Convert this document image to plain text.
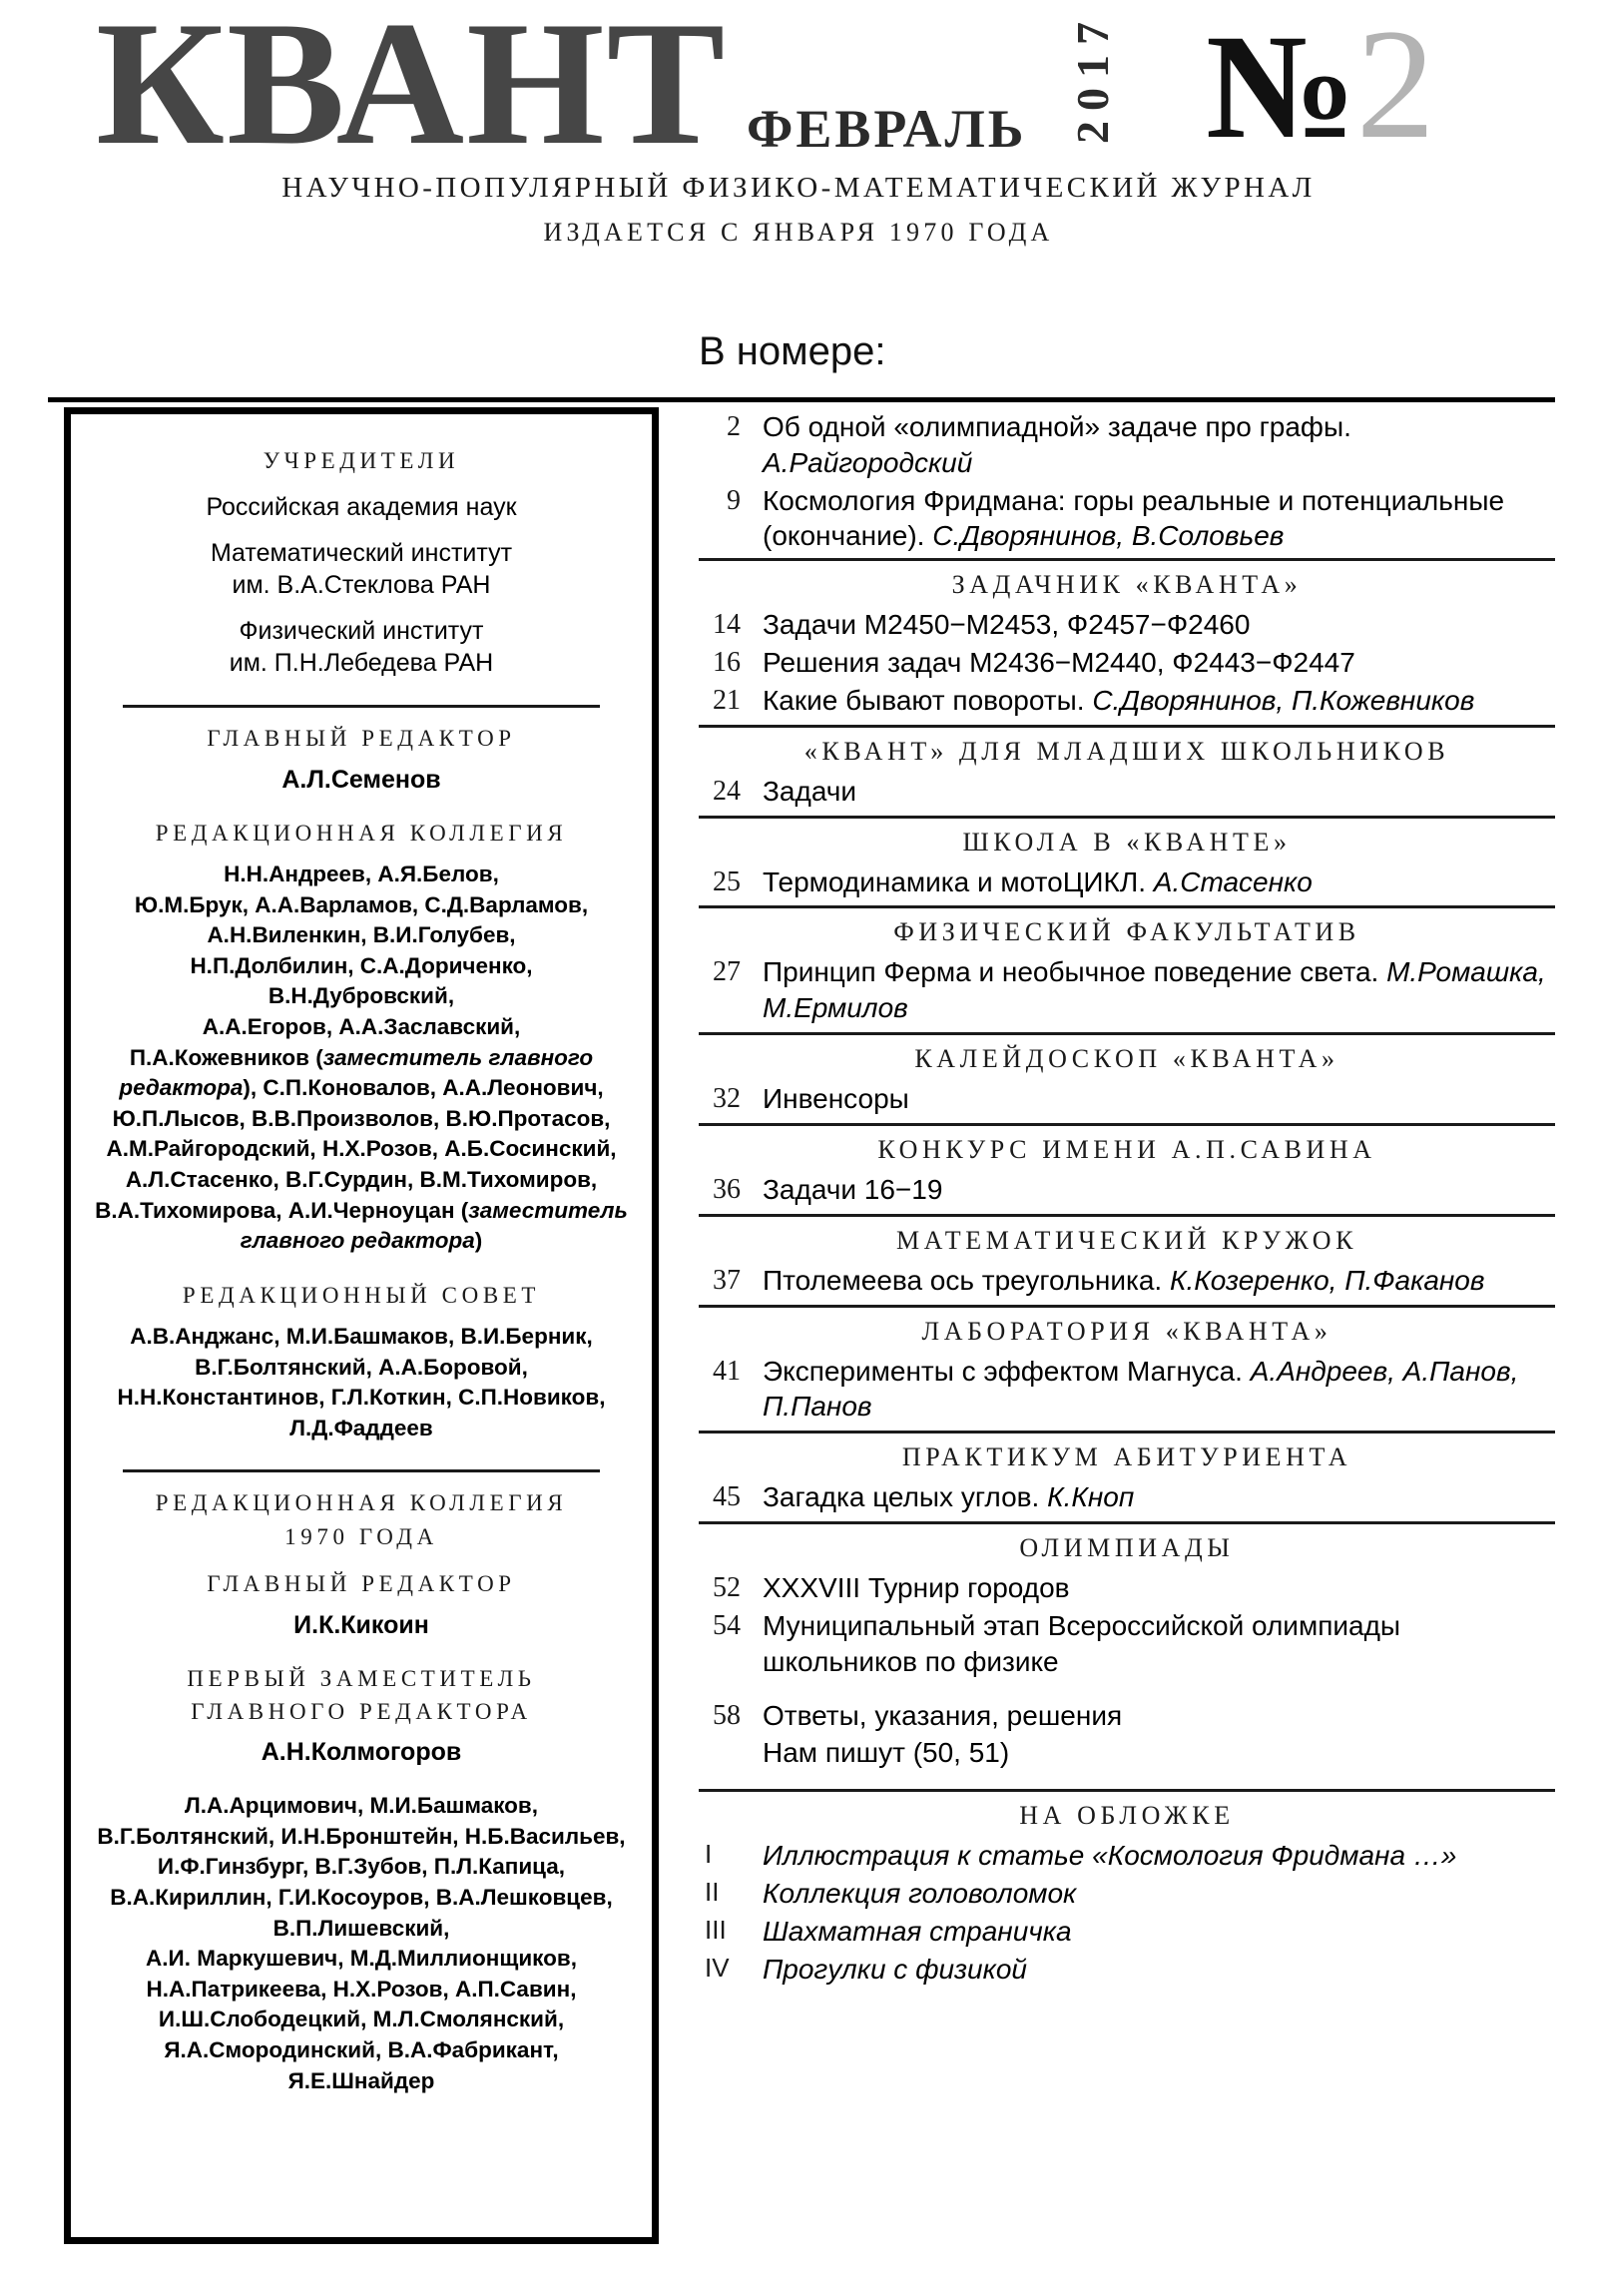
КВАНТ ФЕВРАЛЬ 2017 №2
НАУЧНО-ПОПУЛЯРНЫЙ ФИЗИКО-МАТЕМАТИЧЕСКИЙ ЖУРНАЛ
ИЗДАЕТСЯ С ЯНВАРЯ 1970 ГОДА
В номере:
УЧРЕДИТЕЛИ
Российская академия наук
Математический институт
им. В.А.Стеклова РАН
Физический институт
им. П.Н.Лебедева РАН
ГЛАВНЫЙ РЕДАКТОР
А.Л.Семенов
РЕДАКЦИОННАЯ КОЛЛЕГИЯ
Н.Н.Андреев, А.Я.Белов,
Ю.М.Брук, А.А.Варламов, С.Д.Варламов,
А.Н.Виленкин, В.И.Голубев,
Н.П.Долбилин, С.А.Дориченко,
В.Н.Дубровский,
А.А.Егоров, А.А.Заславский,
П.А.Кожевников (заместитель главного
редактора), С.П.Коновалов, А.А.Леонович,
Ю.П.Лысов, В.В.Произволов, В.Ю.Протасов,
А.М.Райгородский, Н.Х.Розов, А.Б.Сосинский,
А.Л.Стасенко, В.Г.Сурдин, В.М.Тихомиров,
В.А.Тихомирова, А.И.Черноуцан (заместитель
главного редактора)
РЕДАКЦИОННЫЙ СОВЕТ
А.В.Анджанс, М.И.Башмаков, В.И.Берник,
В.Г.Болтянский, А.А.Боровой,
Н.Н.Константинов, Г.Л.Коткин, С.П.Новиков,
Л.Д.Фаддеев
РЕДАКЦИОННАЯ КОЛЛЕГИЯ
1970 ГОДА
ГЛАВНЫЙ РЕДАКТОР
И.К.Кикоин
ПЕРВЫЙ ЗАМЕСТИТЕЛЬ
ГЛАВНОГО РЕДАКТОРА
А.Н.Колмогоров
Л.А.Арцимович, М.И.Башмаков,
В.Г.Болтянский, И.Н.Бронштейн, Н.Б.Васильев,
И.Ф.Гинзбург, В.Г.Зубов, П.Л.Капица,
В.А.Кириллин, Г.И.Косоуров, В.А.Лешковцев,
В.П.Лишевский,
А.И. Маркушевич, М.Д.Миллионщиков,
Н.А.Патрикеева, Н.Х.Розов, А.П.Савин,
И.Ш.Слободецкий, М.Л.Смолянский,
Я.А.Смородинский, В.А.Фабрикант,
Я.Е.Шнайдер
2 Об одной «олимпиадной» задаче про графы. А.Райгородский
9 Космология Фридмана: горы реальные и потенциальные (окончание). С.Дворянинов, В.Соловьев
ЗАДАЧНИК «КВАНТА»
14 Задачи М2450−М2453, Ф2457−Ф2460
16 Решения задач М2436−М2440, Ф2443−Ф2447
21 Какие бывают повороты. С.Дворянинов, П.Кожевников
«КВАНТ» ДЛЯ МЛАДШИХ ШКОЛЬНИКОВ
24 Задачи
ШКОЛА В «КВАНТЕ»
25 Термодинамика и мотоЦИКЛ. А.Стасенко
ФИЗИЧЕСКИЙ ФАКУЛЬТАТИВ
27 Принцип Ферма и необычное поведение света. М.Ромашка, М.Ермилов
КАЛЕЙДОСКОП «КВАНТА»
32 Инвенсоры
КОНКУРС ИМЕНИ А.П.САВИНА
36 Задачи 16−19
МАТЕМАТИЧЕСКИЙ КРУЖОК
37 Птолемеева ось треугольника. К.Козеренко, П.Факанов
ЛАБОРАТОРИЯ «КВАНТА»
41 Эксперименты с эффектом Магнуса. А.Андреев, А.Панов, П.Панов
ПРАКТИКУМ АБИТУРИЕНТА
45 Загадка целых углов. К.Кноп
ОЛИМПИАДЫ
52 XXXVIII Турнир городов
54 Муниципальный этап Всероссийской олимпиады школьников по физике
58 Ответы, указания, решения
Нам пишут (50, 51)
НА ОБЛОЖКЕ
I	Иллюстрация к статье «Космология Фридмана …»
II	Коллекция головоломок
III	Шахматная страничка
IV	Прогулки с физикой
